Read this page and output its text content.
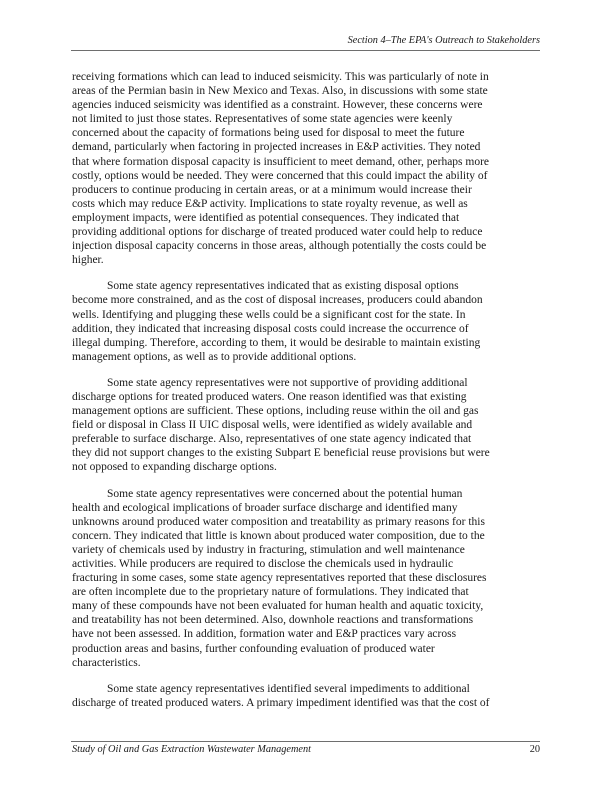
Section 4–The EPA's Outreach to Stakeholders
receiving formations which can lead to induced seismicity. This was particularly of note in
areas of the Permian basin in New Mexico and Texas. Also, in discussions with some state
agencies induced seismicity was identified as a constraint. However, these concerns were
not limited to just those states. Representatives of some state agencies were keenly
concerned about the capacity of formations being used for disposal to meet the future
demand, particularly when factoring in projected increases in E&P activities. They noted
that where formation disposal capacity is insufficient to meet demand, other, perhaps more
costly, options would be needed. They were concerned that this could impact the ability of
producers to continue producing in certain areas, or at a minimum would increase their
costs which may reduce E&P activity. Implications to state royalty revenue, as well as
employment impacts, were identified as potential consequences. They indicated that
providing additional options for discharge of treated produced water could help to reduce
injection disposal capacity concerns in those areas, although potentially the costs could be
higher.
Some state agency representatives indicated that as existing disposal options
become more constrained, and as the cost of disposal increases, producers could abandon
wells. Identifying and plugging these wells could be a significant cost for the state. In
addition, they indicated that increasing disposal costs could increase the occurrence of
illegal dumping. Therefore, according to them, it would be desirable to maintain existing
management options, as well as to provide additional options.
Some state agency representatives were not supportive of providing additional
discharge options for treated produced waters. One reason identified was that existing
management options are sufficient. These options, including reuse within the oil and gas
field or disposal in Class II UIC disposal wells, were identified as widely available and
preferable to surface discharge. Also, representatives of one state agency indicated that
they did not support changes to the existing Subpart E beneficial reuse provisions but were
not opposed to expanding discharge options.
Some state agency representatives were concerned about the potential human
health and ecological implications of broader surface discharge and identified many
unknowns around produced water composition and treatability as primary reasons for this
concern. They indicated that little is known about produced water composition, due to the
variety of chemicals used by industry in fracturing, stimulation and well maintenance
activities. While producers are required to disclose the chemicals used in hydraulic
fracturing in some cases, some state agency representatives reported that these disclosures
are often incomplete due to the proprietary nature of formulations. They indicated that
many of these compounds have not been evaluated for human health and aquatic toxicity,
and treatability has not been determined. Also, downhole reactions and transformations
have not been assessed. In addition, formation water and E&P practices vary across
production areas and basins, further confounding evaluation of produced water
characteristics.
Some state agency representatives identified several impediments to additional
discharge of treated produced waters. A primary impediment identified was that the cost of
Study of Oil and Gas Extraction Wastewater Management	20
